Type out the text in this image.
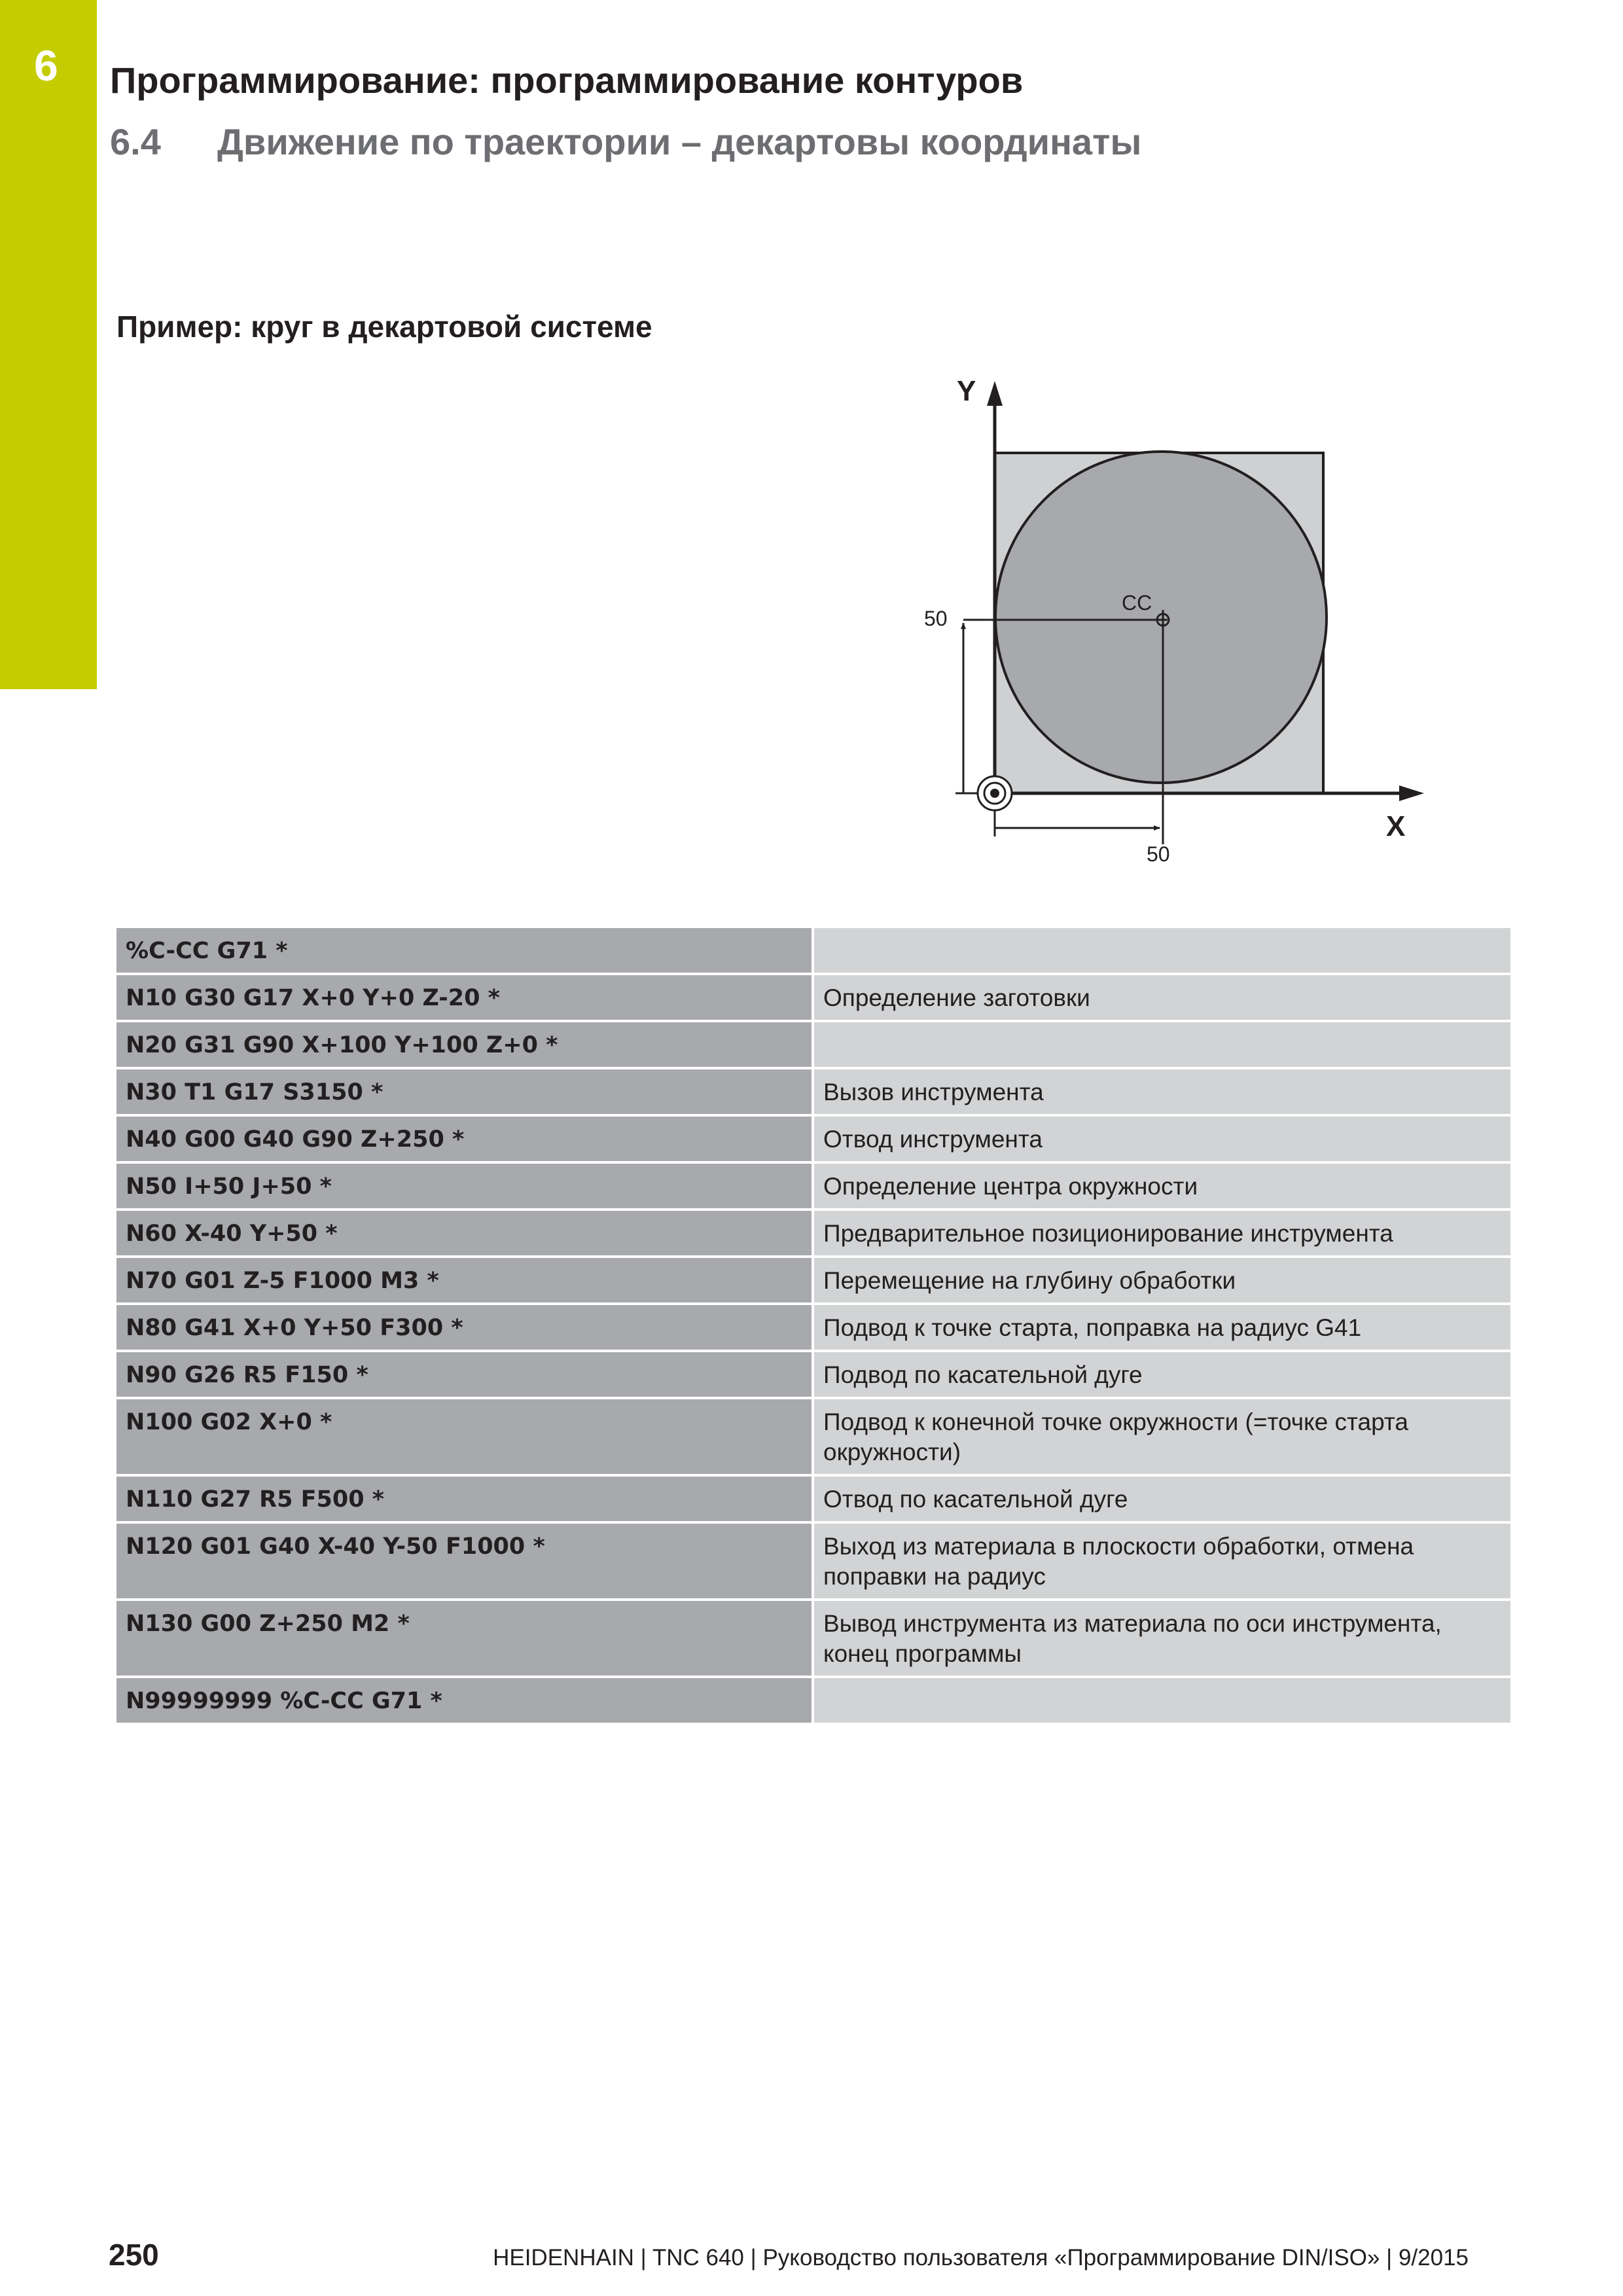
6 Программирование: программирование контуров
6.4 Движение по траектории – декартовы координаты
Пример: круг в декартовой системе
Y
X
CC
50
50
%C-CC G71 *	
N10 G30 G17 X+0 Y+0 Z-20 *	Определение заготовки
N20 G31 G90 X+100 Y+100 Z+0 *	
N30 T1 G17 S3150 *	Вызов инструмента
N40 G00 G40 G90 Z+250 *	Отвод инструмента
N50 I+50 J+50 *	Определение центра окружности
N60 X-40 Y+50 *	Предварительное позиционирование инструмента
N70 G01 Z-5 F1000 M3 *	Перемещение на глубину обработки
N80 G41 X+0 Y+50 F300 *	Подвод к точке старта, поправка на радиус G41
N90 G26 R5 F150 *	Подвод по касательной дуге
N100 G02 X+0 *	Подвод к конечной точке окружности (=точке старта окружности)
N110 G27 R5 F500 *	Отвод по касательной дуге
N120 G01 G40 X-40 Y-50 F1000 *	Выход из материала в плоскости обработки, отмена поправки на радиус
N130 G00 Z+250 M2 *	Вывод инструмента из материала по оси инструмента, конец программы
N99999999 %C-CC G71 *	
250	HEIDENHAIN | TNC 640 | Руководство пользователя «Программирование DIN/ISO» | 9/2015
